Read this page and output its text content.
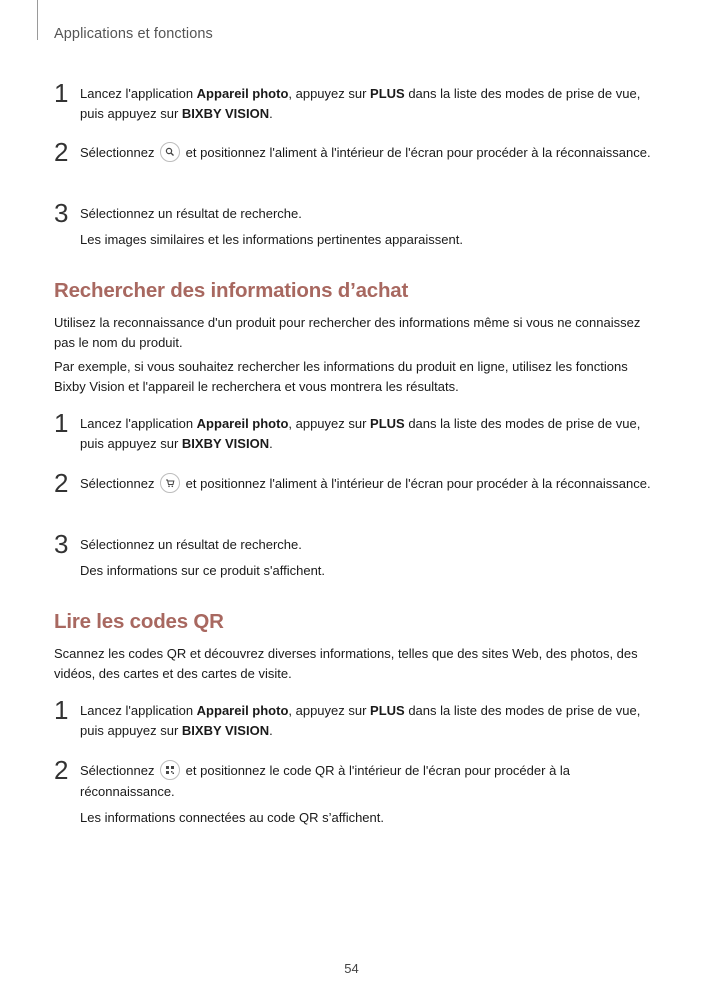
Applications et fonctions
1 Lancez l'application Appareil photo, appuyez sur PLUS dans la liste des modes de prise de vue, puis appuyez sur BIXBY VISION.
2 Sélectionnez
et positionnez l'aliment à l'intérieur de l'écran pour procéder à la réconnaissance.
3 Sélectionnez un résultat de recherche.
Les images similaires et les informations pertinentes apparaissent.
Rechercher des informations d’achat
Utilisez la reconnaissance d'un produit pour rechercher des informations même si vous ne connaissez pas le nom du produit.
Par exemple, si vous souhaitez rechercher les informations du produit en ligne, utilisez les fonctions Bixby Vision et l'appareil le recherchera et vous montrera les résultats.
1 Lancez l'application Appareil photo, appuyez sur PLUS dans la liste des modes de prise de vue, puis appuyez sur BIXBY VISION.
2 Sélectionnez
et positionnez l'aliment à l'intérieur de l'écran pour procéder à la réconnaissance.
3 Sélectionnez un résultat de recherche.
Des informations sur ce produit s'affichent.
Lire les codes QR
Scannez les codes QR et découvrez diverses informations, telles que des sites Web, des photos, des vidéos, des cartes et des cartes de visite.
1 Lancez l'application Appareil photo, appuyez sur PLUS dans la liste des modes de prise de vue, puis appuyez sur BIXBY VISION.
2 Sélectionnez
et positionnez le code QR à l'intérieur de l'écran pour procéder à la réconnaissance.
Les informations connectées au code QR s’affichent.
54
